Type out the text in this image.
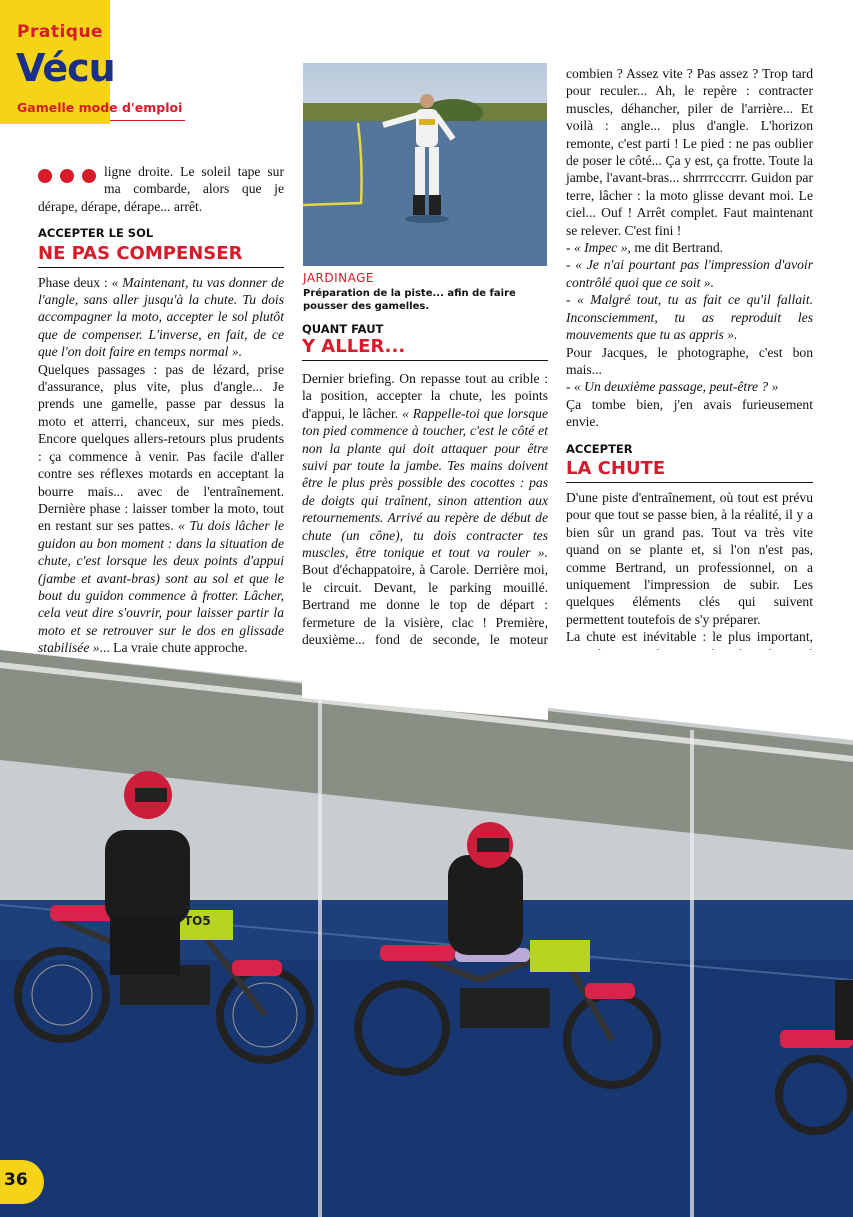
Pratique
Vécu
Gamelle mode d'emploi

ligne droite. Le soleil tape sur ma combarde, alors que je dérape, dérape, dérape... arrêt.

ACCEPTER LE SOL
NE PAS COMPENSER

Phase deux : « Maintenant, tu vas donner de l'angle, sans aller jusqu'à la chute. Tu dois accompagner la moto, accepter le sol plutôt que de compenser. L'inverse, en fait, de ce que l'on doit faire en temps normal ».

Quelques passages : pas de lézard, prise d'assurance, plus vite, plus d'angle... Je prends une gamelle, passe par dessus la moto et atterri, chanceux, sur mes pieds. Encore quelques allers-retours plus prudents : ça commence à venir. Pas facile d'aller contre ses réflexes motards en acceptant la bourre mais... avec de l'entraînement. Dernière phase : laisser tomber la moto, tout en restant sur ses pattes. « Tu dois lâcher le guidon au bon moment : dans la situation de chute, c'est lorsque les deux points d'appui (jambe et avant-bras) sont au sol et que le bout du guidon commence à frotter. Lâcher, cela veut dire s'ouvrir, pour laisser partir la moto et se retrouver sur le dos en glissade stabilisée »... La vraie chute approche.

JARDINAGE
Préparation de la piste... afin de faire pousser des gamelles.
QUANT FAUT
Y ALLER...

Dernier briefing. On repasse tout au crible : la position, accepter la chute, les points d'appui, le lâcher. « Rappelle-toi que lorsque ton pied commence à toucher, c'est le côté et non la plante qui doit attaquer pour être suivi par toute la jambe. Tes mains doivent être le plus près possible des cocottes : pas de doigts qui traînent, sinon attention aux retournements. Arrivé au repère de début de chute (un cône), tu dois contracter tes muscles, être tonique et tout va rouler ». Bout d'échappatoire, à Carole. Derrière moi, le circuit. Devant, le parking mouillé. Bertrand me donne le top de départ : fermeture de la visière, clac ! Première, deuxième... fond de seconde, le moteur

combien ? Assez vite ? Pas assez ? Trop tard pour reculer... Ah, le repère : contracter muscles, déhancher, piler de l'arrière... Et voilà : angle... plus d'angle. L'horizon remonte, c'est parti ! Le pied : ne pas oublier de poser le côté... Ça y est, ça frotte. Toute la jambe, l'avant-bras... shrrrrcccrrr. Guidon par terre, lâcher : la moto glisse devant moi. Le ciel... Ouf ! Arrêt complet. Faut maintenant se relever. C'est fini !

- « Impec », me dit Bertrand.

- « Je n'ai pourtant pas l'impression d'avoir contrôlé quoi que ce soit ».

- « Malgré tout, tu as fait ce qu'il fallait. Inconsciemment, tu as reproduit les mouvements que tu as appris ».

Pour Jacques, le photographe, c'est bon mais...

- « Un deuxième passage, peut-être ? »

Ça tombe bien, j'en avais furieusement envie.

ACCEPTER
LA CHUTE

D'une piste d'entraînement, où tout est prévu pour que tout se passe bien, à la réalité, il y a bien sûr un grand pas. Tout va très vite quand on se plante et, si l'on n'est pas, comme Bertrand, un professionnel, on a uniquement l'impression de subir. Les quelques éléments clés qui suivent permettent toutefois de s'y préparer.

La chute est inévitable : le plus important,

TO5
36
